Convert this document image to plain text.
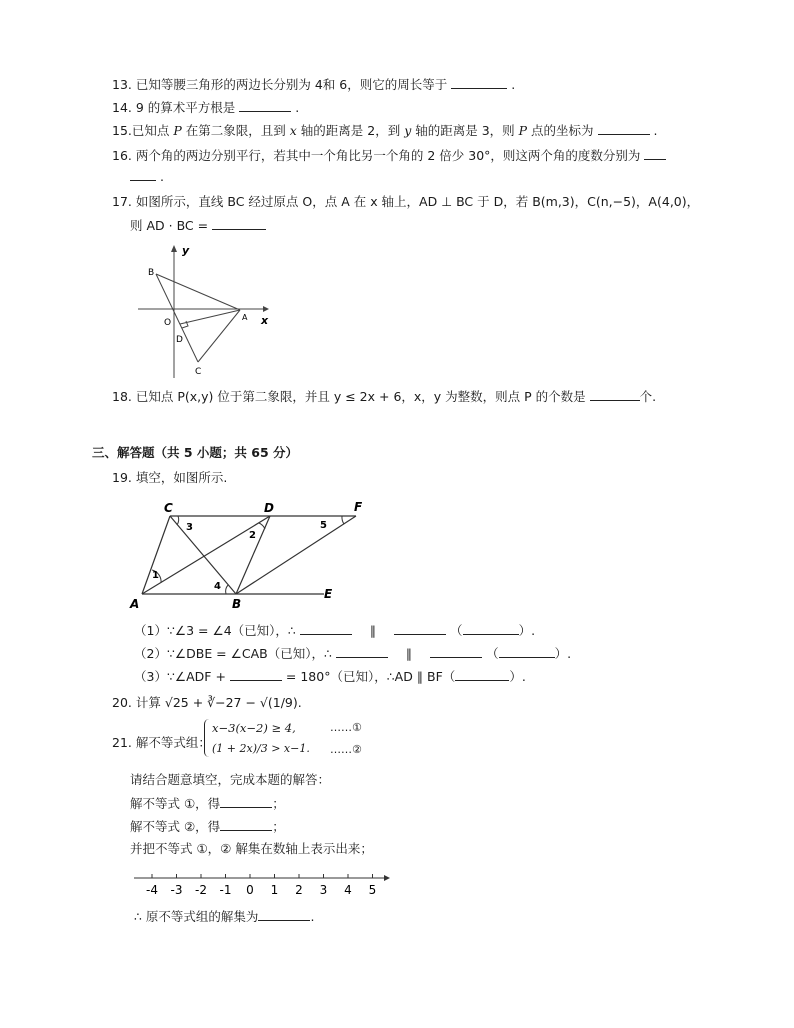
13. 已知等腰三角形的两边长分别为 4和 6，则它的周长等于	.
14. 9 的算术平方根是	.
15.已知点 P 在第二象限，且到 x 轴的距离是 2，到 y 轴的距离是 3，则 P 点的坐标为	.
16. 两个角的两边分别平行，若其中一个角比另一个角的 2 倍少 30°，则这两个角的度数分别为
.
17. 如图所示，直线 BC 经过原点 O，点 A 在 x 轴上，AD ⊥ BC 于 D，若 B(m,3)，C(n,−5)，A(4,0)，
则 AD · BC =
B
y
x
A
O
D
C
18. 已知点 P(x,y) 位于第二象限，并且 y ≤ 2x + 6，x，y 为整数，则点 P 的个数是	个.
三、解答题（共 5 小题；共 65 分）
19. 填空，如图所示.
C	D	F
A	B
E
1
2
3
4
5
（1）∵∠3 = ∠4（已知），∴	∥	（	）.
（2）∵∠DBE = ∠CAB（已知），∴	∥	（	）.
（3）∵∠ADF +	= 180°（已知），∴AD ∥ BF（	）.
20. 计算 √25 + ∛−27 − √(1/9).
21. 解不等式组：
x−3(x−2) ≥ 4,
(1 + 2x)/3 > x−1.
……①
……②
请结合题意填空，完成本题的解答：
解不等式 ①，得	；
解不等式 ②，得	；
并把不等式 ①，② 解集在数轴上表示出来；
-4 -3 -2 -1 0 1 2 3 4 5
∴ 原不等式组的解集为	.
